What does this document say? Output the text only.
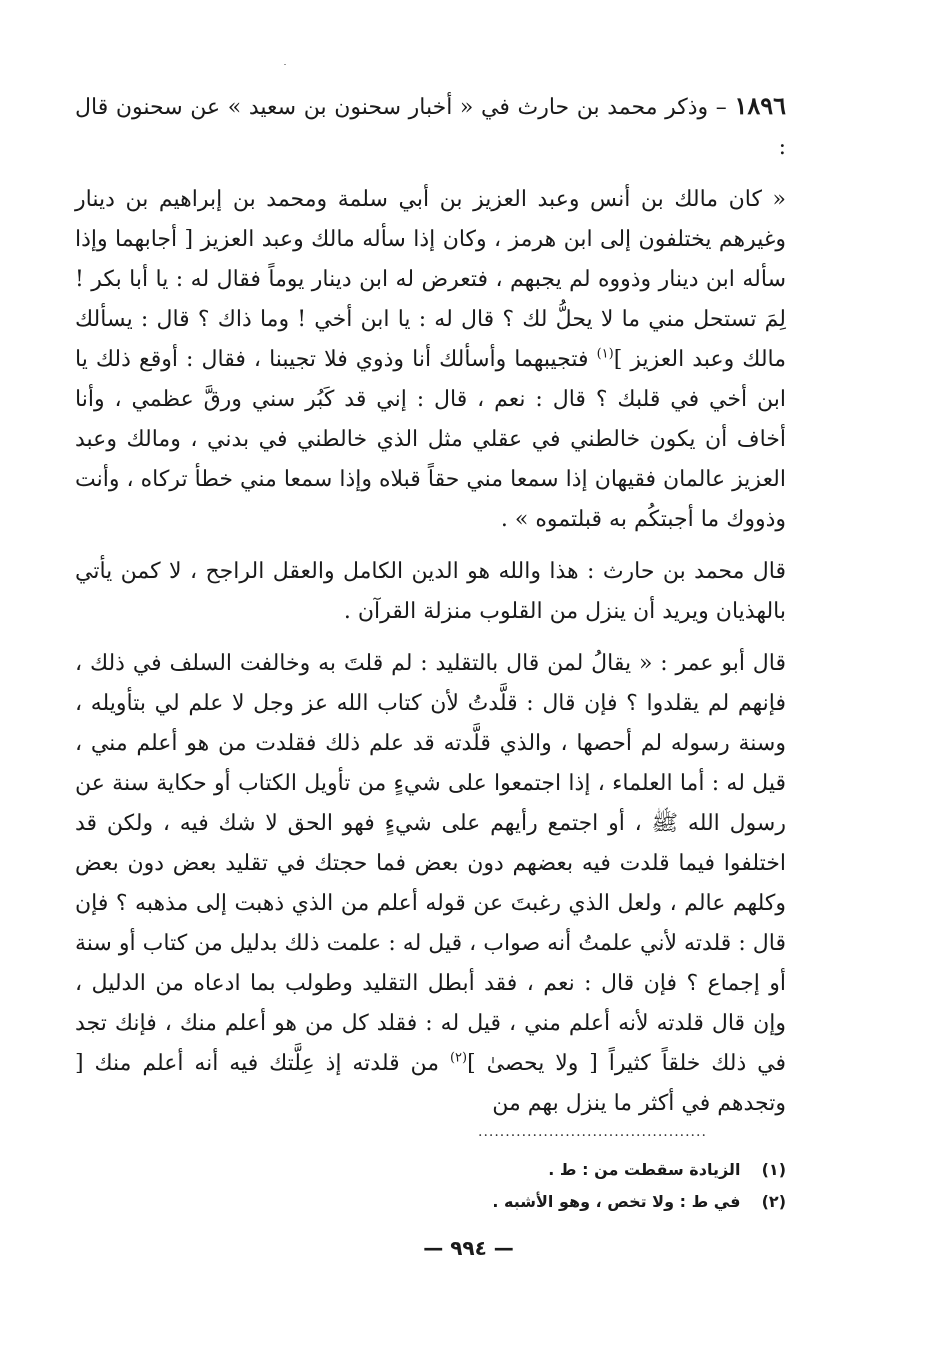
١٨٩٦ – وذكر محمد بن حارث في « أخبار سحنون بن سعيد » عن سحنون قال :

« كان مالك بن أنس وعبد العزيز بن أبي سلمة ومحمد بن إبراهيم بن دينار وغيرهم يختلفون إلى ابن هرمز ، وكان إذا سأله مالك وعبد العزيز [ أجابهما وإذا سأله ابن دينار وذووه لم يجبهم ، فتعرض له ابن دينار يوماً فقال له : يا أبا بكر ! لِمَ تستحل مني ما لا يحلُّ لك ؟ قال له : يا ابن أخي ! وما ذاك ؟ قال : يسألك مالك وعبد العزيز ]$^{(١)}$ فتجيبهما وأسألك أنا وذوي فلا تجيبنا ، فقال : أوقع ذلك يا ابن أخي في قلبك ؟ قال : نعم ، قال : إني قد كَبُر سني ورقَّ عظمي ، وأنا أخاف أن يكون خالطني في عقلي مثل الذي خالطني في بدني ، ومالك وعبد العزيز عالمان فقيهان إذا سمعا مني حقاً قبلاه وإذا سمعا مني خطأ تركاه ، وأنت وذووك ما أجبتكُم به قبلتموه » .

قال محمد بن حارث : هذا والله هو الدين الكامل والعقل الراجح ، لا كمن يأتي بالهذيان ويريد أن ينزل من القلوب منزلة القرآن .

قال أبو عمر : « يقالُ لمن قال بالتقليد : لم قلتَ به وخالفت السلف في ذلك ، فإنهم لم يقلدوا ؟ فإن قال : قلَّدتُ لأن كتاب الله عز وجل لا علم لي بتأويله ، وسنة رسوله لم أحصها ، والذي قلَّدته قد علم ذلك فقلدت من هو أعلم مني ، قيل له : أما العلماء ، إذا اجتمعوا على شيءٍ من تأويل الكتاب أو حكاية سنة عن رسول الله ﷺ ، أو اجتمع رأيهم على شيءٍ فهو الحق لا شك فيه ، ولكن قد اختلفوا فيما قلدت فيه بعضهم دون بعض فما حجتك في تقليد بعض دون بعض وكلهم عالم ، ولعل الذي رغبتَ عن قوله أعلم من الذي ذهبت إلى مذهبه ؟ فإن قال : قلدته لأني علمتُ أنه صواب ، قيل له : علمت ذلك بدليل من كتاب أو سنة أو إجماع ؟ فإن قال : نعم ، فقد أبطل التقليد وطولب بما ادعاه من الدليل ، وإن قال قلدته لأنه أعلم مني ، قيل له : فقلد كل من هو أعلم منك ، فإنك تجد في ذلك خلقاً كثيراً [ ولا يحصىٰ ]$^{(٢)}$ من قلدته إذ عِلَّتك فيه أنه أعلم منك [ وتجدهم في أكثر ما ينزل بهم من

..........................................

(١) الزيادة سقطت من : ط .

(٢) في ط : ولا تخص ، وهو الأشبه .

— ٩٩٤ —
